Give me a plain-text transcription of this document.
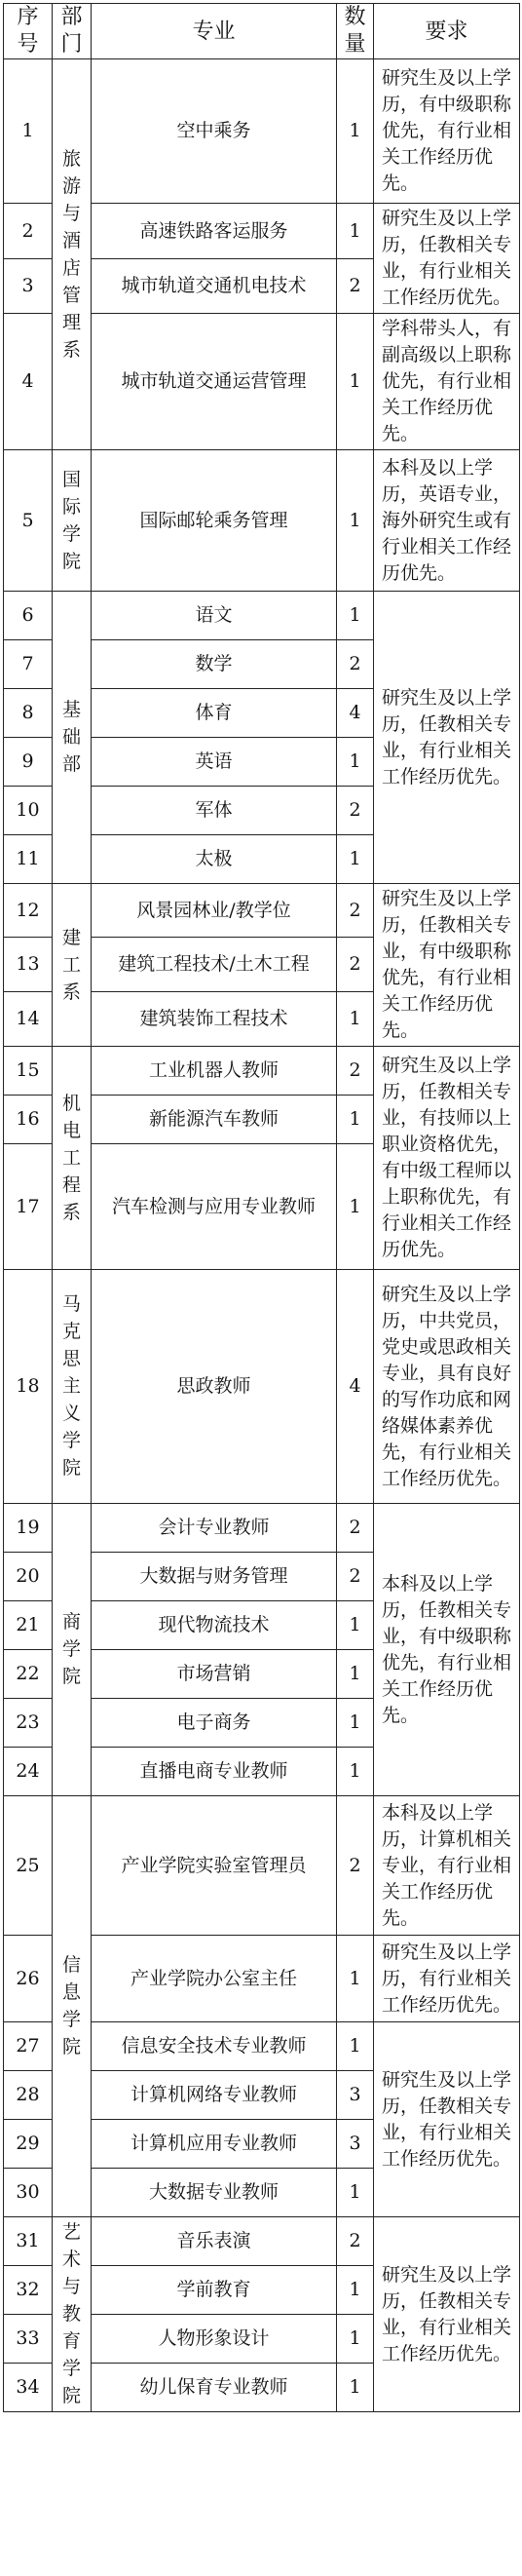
序号	部门	专业	数量	要求
1	旅游与酒店管理系	空中乘务	1	研究生及以上学历，有中级职称优先，有行业相关工作经历优先。
2		高速铁路客运服务	1	研究生及以上学历，任教相关专业，有行业相关工作经历优先。
3		城市轨道交通机电技术	2	
4		城市轨道交通运营管理	1	学科带头人，有副高级以上职称优先，有行业相关工作经历优先。
5	国际学院	国际邮轮乘务管理	1	本科及以上学历，英语专业，海外研究生或有行业相关工作经历优先。
6	基础部	语文	1	研究生及以上学历，任教相关专业，有行业相关工作经历优先。
7		数学	2	
8		体育	4	
9		英语	1	
10		军体	2	
11		太极	1	
12	建工系	风景园林业/教学位	2	研究生及以上学历，任教相关专业，有中级职称优先，有行业相关工作经历优先。
13		建筑工程技术/土木工程	2	
14		建筑装饰工程技术	1	
15	机电工程系	工业机器人教师	2	研究生及以上学历，任教相关专业，有技师以上职业资格优先，有中级工程师以上职称优先，有行业相关工作经历优先。
16		新能源汽车教师	1	
17		汽车检测与应用专业教师	1	
18	马克思主义学院	思政教师	4	研究生及以上学历，中共党员，党史或思政相关专业，具有良好的写作功底和网络媒体素养优先，有行业相关工作经历优先。
19	商学院	会计专业教师	2	本科及以上学历，任教相关专业，有中级职称优先，有行业相关工作经历优先。
20		大数据与财务管理	2	
21		现代物流技术	1	
22		市场营销	1	
23		电子商务	1	
24		直播电商专业教师	1	
25	信息学院	产业学院实验室管理员	2	本科及以上学历，计算机相关专业，有行业相关工作经历优先。
26		产业学院办公室主任	1	研究生及以上学历，有行业相关工作经历优先。
27		信息安全技术专业教师	1	研究生及以上学历，任教相关专业，有行业相关工作经历优先。
28		计算机网络专业教师	3	
29		计算机应用专业教师	3	
30		大数据专业教师	1	
31	艺术与教育学院	音乐表演	2	研究生及以上学历，任教相关专业，有行业相关工作经历优先。
32		学前教育	1	
33		人物形象设计	1	
34		幼儿保育专业教师	1	
